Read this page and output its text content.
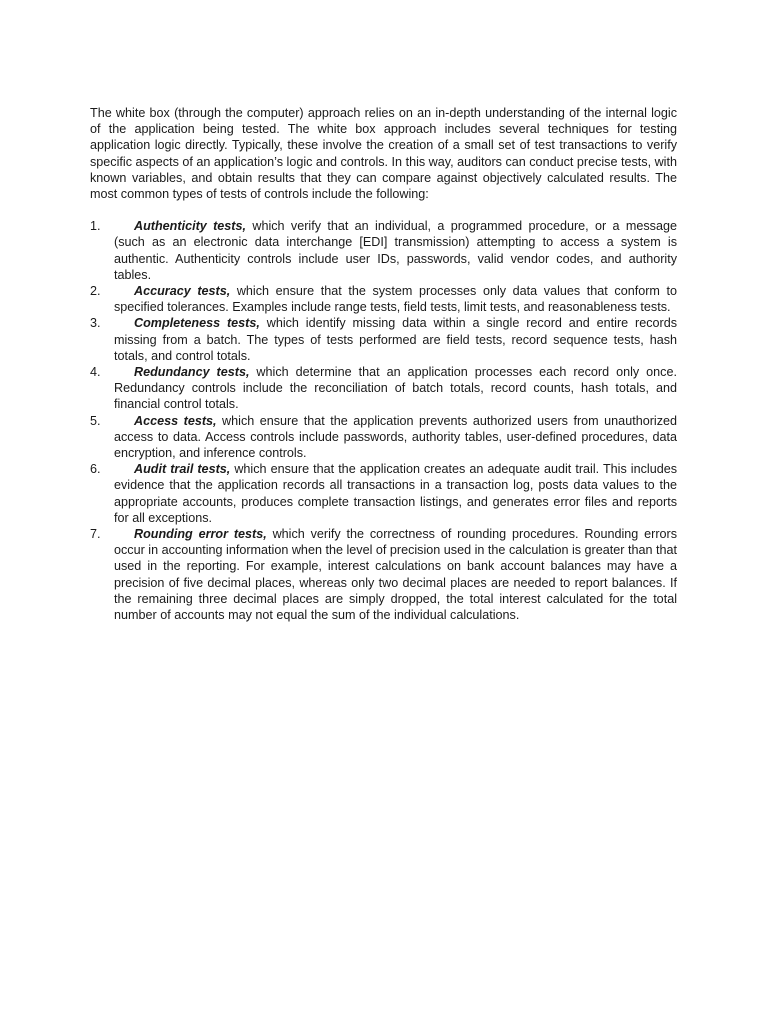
The white box (through the computer) approach relies on an in-depth understanding of the internal logic of the application being tested. The white box approach includes several techniques for testing application logic directly. Typically, these involve the creation of a small set of test transactions to verify specific aspects of an application’s logic and controls. In this way, auditors can conduct precise tests, with known variables, and obtain results that they can compare against objectively calculated results. The most common types of tests of controls include the following:

1.	Authenticity tests, which verify that an individual, a programmed procedure, or a message (such as an electronic data interchange [EDI] transmission) attempting to access a system is authentic. Authenticity controls include user IDs, passwords, valid vendor codes, and authority tables.
2.	Accuracy tests, which ensure that the system processes only data values that conform to specified tolerances. Examples include range tests, field tests, limit tests, and reasonableness tests.
3.	Completeness tests, which identify missing data within a single record and entire records missing from a batch. The types of tests performed are field tests, record sequence tests, hash totals, and control totals.
4.	Redundancy tests, which determine that an application processes each record only once. Redundancy controls include the reconciliation of batch totals, record counts, hash totals, and financial control totals.
5.	Access tests, which ensure that the application prevents authorized users from unauthorized access to data. Access controls include passwords, authority tables, user-defined procedures, data encryption, and inference controls.
6.	Audit trail tests, which ensure that the application creates an adequate audit trail. This includes evidence that the application records all transactions in a transaction log, posts data values to the appropriate accounts, produces complete transaction listings, and generates error files and reports for all exceptions.
7.	Rounding error tests, which verify the correctness of rounding procedures. Rounding errors occur in accounting information when the level of precision used in the calculation is greater than that used in the reporting. For example, interest calculations on bank account balances may have a precision of five decimal places, whereas only two decimal places are needed to report balances. If the remaining three decimal places are simply dropped, the total interest calculated for the total number of accounts may not equal the sum of the individual calculations.
